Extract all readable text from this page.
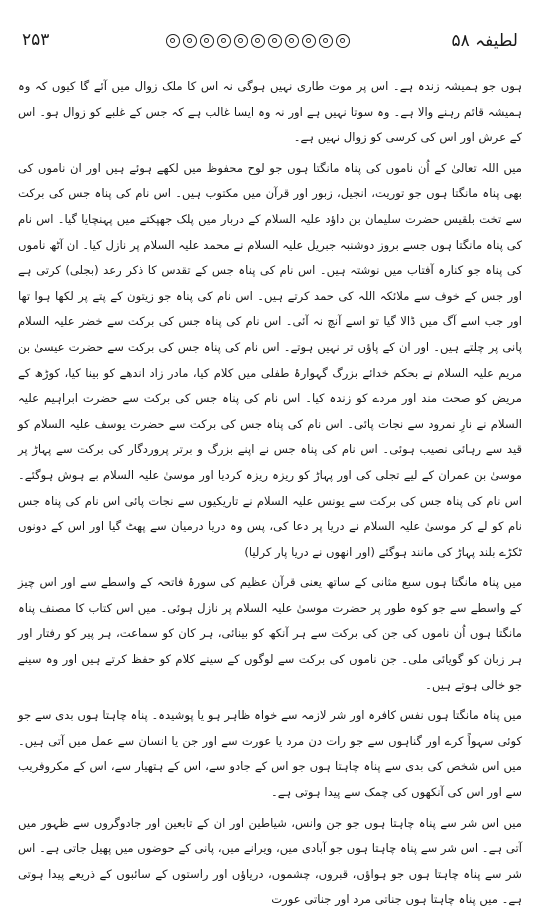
۲۵۳	لطیفہ ۵۸

ہوں جو ہمیشہ زندہ ہے۔ اس پر موت طاری نہیں ہوگی نہ اس کا ملک زوال میں آئے گا کیوں کہ وہ ہمیشہ قائم رہنے والا ہے۔ وہ سوتا نہیں ہے اور نہ وہ ایسا غالب ہے کہ جس کے غلبے کو زوال ہو۔ اس کے عرش اور اس کی کرسی کو زوال نہیں ہے۔

میں اللہ تعالیٰ کے اُن ناموں کی پناہ مانگتا ہوں جو لوح محفوظ میں لکھے ہوئے ہیں اور ان ناموں کی بھی پناہ مانگتا ہوں جو توریت، انجیل، زبور اور قرآن میں مکتوب ہیں۔ اس نام کی پناہ جس کی برکت سے تخت بلقیس حضرت سلیمان بن داؤد علیہ السلام کے دربار میں پلک جھپکتے میں پہنچایا گیا۔ اس نام کی پناہ مانگتا ہوں جسے بروز دوشنبہ جبریل علیہ السلام نے محمد علیہ السلام پر نازل کیا۔ ان آٹھ ناموں کی پناہ جو کنارہ آفتاب میں نوشتہ ہیں۔ اس نام کی پناہ جس کے تقدس کا ذکر رعد (بجلی) کرتی ہے اور جس کے خوف سے ملائکہ اللہ کی حمد کرتے ہیں۔ اس نام کی پناہ جو زیتون کے پتے پر لکھا ہوا تھا اور جب اسے آگ میں ڈالا گیا تو اسے آنچ نہ آئی۔ اس نام کی پناہ جس کی برکت سے خضر علیہ السلام پانی پر چلتے ہیں۔ اور ان کے پاؤں تر نہیں ہوتے۔ اس نام کی پناہ جس کی برکت سے حضرت عیسیٰ بن مریم علیہ السلام نے بحکم خدائے بزرگ گہوارۂ طفلی میں کلام کیا، مادر زاد اندھے کو بینا کیا، کوڑھ کے مریض کو صحت مند اور مردے کو زندہ کیا۔ اس نام کی پناہ جس کی برکت سے حضرت ابراہیم علیہ السلام نے نارِ نمرود سے نجات پائی۔ اس نام کی پناہ جس کی برکت سے حضرت یوسف علیہ السلام کو قید سے رہائی نصیب ہوئی۔ اس نام کی پناہ جس نے اپنے بزرگ و برتر پروردگار کی برکت سے پہاڑ پر موسیٰ بن عمران کے لیے تجلی کی اور پہاڑ کو ریزہ ریزہ کردیا اور موسیٰ علیہ السلام بے ہوش ہوگئے۔ اس نام کی پناہ جس کی برکت سے یونس علیہ السلام نے تاریکیوں سے نجات پائی اس نام کی پناہ جس نام کو لے کر موسیٰ علیہ السلام نے دریا پر دعا کی، پس وہ دریا درمیان سے پھٹ گیا اور اس کے دونوں ٹکڑے بلند پہاڑ کی مانند ہوگئے (اور انھوں نے دریا پار کرلیا)

میں پناہ مانگتا ہوں سبع مثانی کے ساتھ یعنی قرآن عظیم کی سورۂ فاتحہ کے واسطے سے اور اس چیز کے واسطے سے جو کوہ طور پر حضرت موسیٰ علیہ السلام پر نازل ہوئی۔ میں اس کتاب کا مصنف پناہ مانگتا ہوں اُن ناموں کی جن کی برکت سے ہر آنکھ کو بینائی، ہر کان کو سماعت، ہر پیر کو رفتار اور ہر زبان کو گویائی ملی۔ جن ناموں کی برکت سے لوگوں کے سینے کلام کو حفظ کرتے ہیں اور وہ سینے جو خالی ہوتے ہیں۔

میں پناہ مانگتا ہوں نفس کافرہ اور شر لازمہ سے خواہ ظاہر ہو یا پوشیدہ۔ پناہ چاہتا ہوں بدی سے جو کوئی سہواً کرے اور گناہوں سے جو رات دن مرد یا عورت سے اور جن یا انسان سے عمل میں آتی ہیں۔ میں اس شخص کی بدی سے پناہ چاہتا ہوں جو اس کے جادو سے، اس کے ہتھیار سے، اس کے مکروفریب سے اور اس کی آنکھوں کی چمک سے پیدا ہوتی ہے۔

میں اس شر سے پناہ چاہتا ہوں جو جن وانس، شیاطین اور ان کے تابعین اور جادوگروں سے ظہور میں آتی ہے۔ اس شر سے پناہ چاہتا ہوں جو آبادی میں، ویرانے میں، پانی کے حوضوں میں پھیل جاتی ہے۔ اس شر سے پناہ چاہتا ہوں جو ہواؤں، قبروں، چشموں، دریاؤں اور راستوں کے سائبوں کے ذریعے پیدا ہوتی ہے۔ میں پناہ چاہتا ہوں جناتی مرد اور جناتی عورت
